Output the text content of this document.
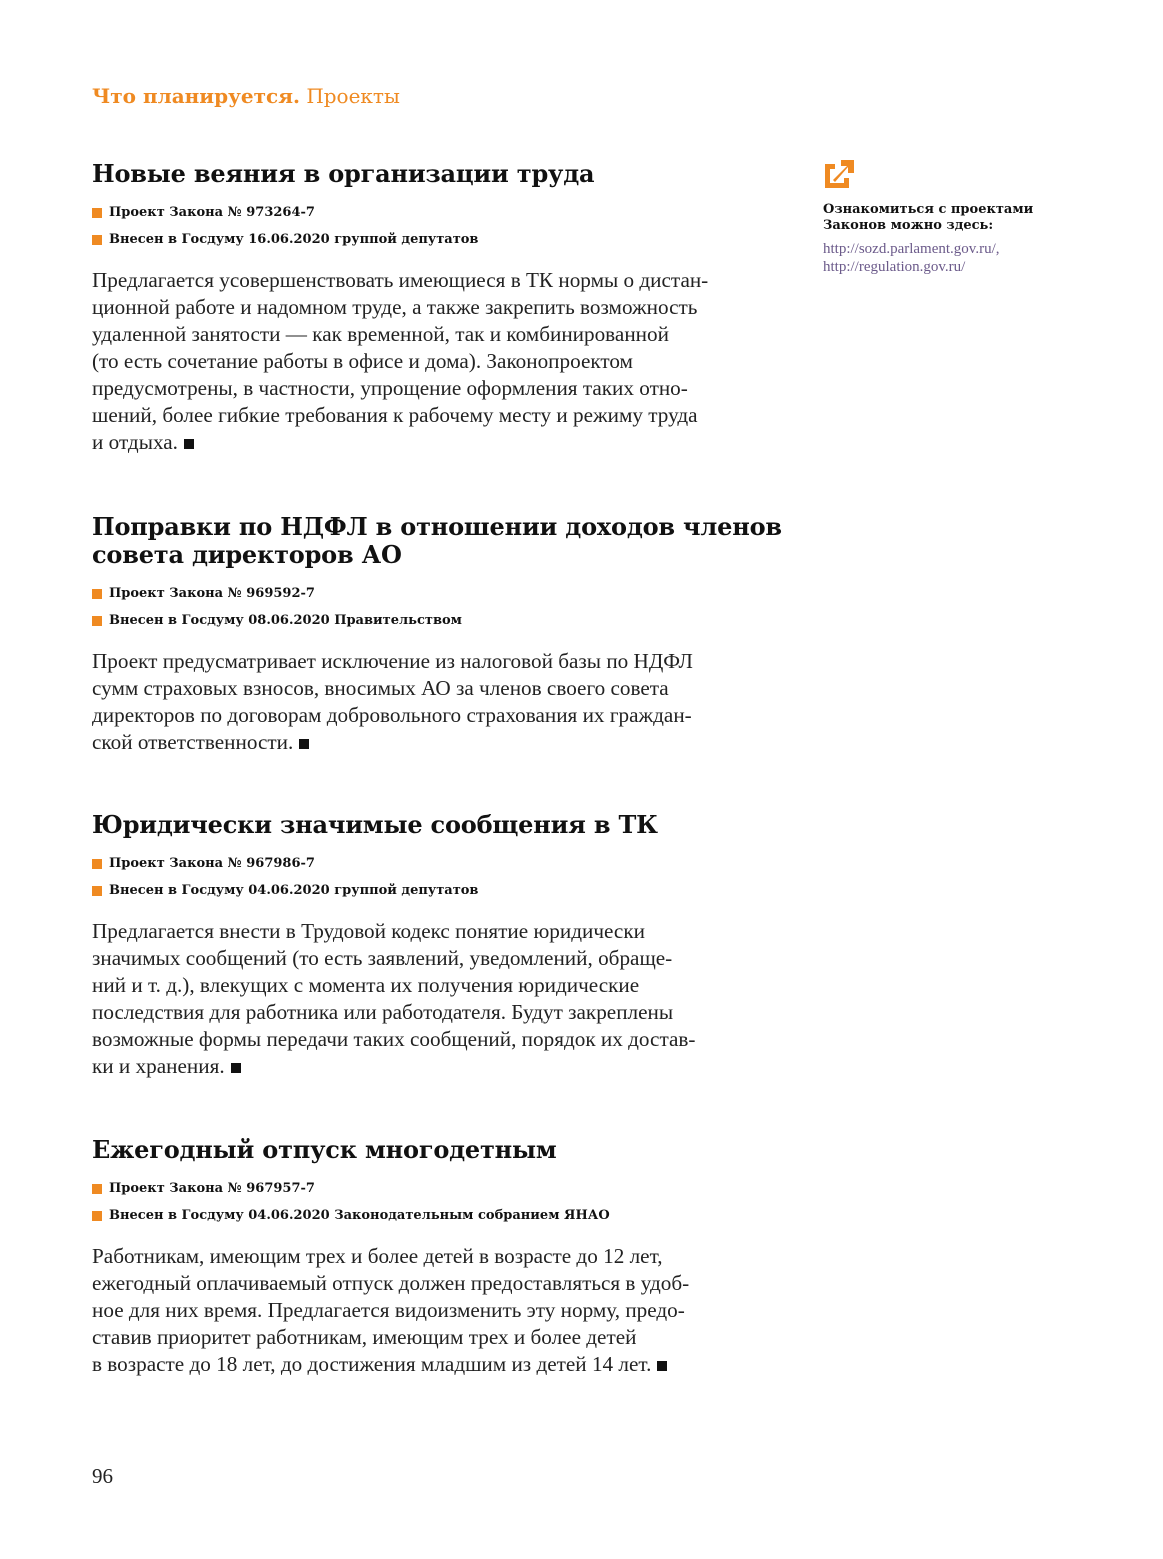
Что планируется. Проекты
Новые веяния в организации труда
Проект Закона № 973264-7
Внесен в Госдуму 16.06.2020 группой депутатов
Предлагается усовершенствовать имеющиеся в ТК нормы о дистан-
ционной работе и надомном труде, а также закрепить возможность
удаленной занятости — как временной, так и комбинированной
(то есть сочетание работы в офисе и дома). Законопроектом
предусмотрены, в частности, упрощение оформления таких отно-
шений, более гибкие требования к рабочему месту и режиму труда
и отдыха.
Поправки по НДФЛ в отношении доходов членов
совета директоров АО
Проект Закона № 969592-7
Внесен в Госдуму 08.06.2020 Правительством
Проект предусматривает исключение из налоговой базы по НДФЛ
сумм страховых взносов, вносимых АО за членов своего совета
директоров по договорам добровольного страхования их граждан-
ской ответственности.
Юридически значимые сообщения в ТК
Проект Закона № 967986-7
Внесен в Госдуму 04.06.2020 группой депутатов
Предлагается внести в Трудовой кодекс понятие юридически
значимых сообщений (то есть заявлений, уведомлений, обраще-
ний и т. д.), влекущих с момента их получения юридические
последствия для работника или работодателя. Будут закреплены
возможные формы передачи таких сообщений, порядок их достав-
ки и хранения.
Ежегодный отпуск многодетным
Проект Закона № 967957-7
Внесен в Госдуму 04.06.2020 Законодательным собранием ЯНАО
Работникам, имеющим трех и более детей в возрасте до 12 лет,
ежегодный оплачиваемый отпуск должен предоставляться в удоб-
ное для них время. Предлагается видоизменить эту норму, предо-
ставив приоритет работникам, имеющим трех и более детей
в возрасте до 18 лет, до достижения младшим из детей 14 лет.
Ознакомиться с проектами
Законов можно здесь:
http://sozd.parlament.gov.ru/,
http://regulation.gov.ru/
96
